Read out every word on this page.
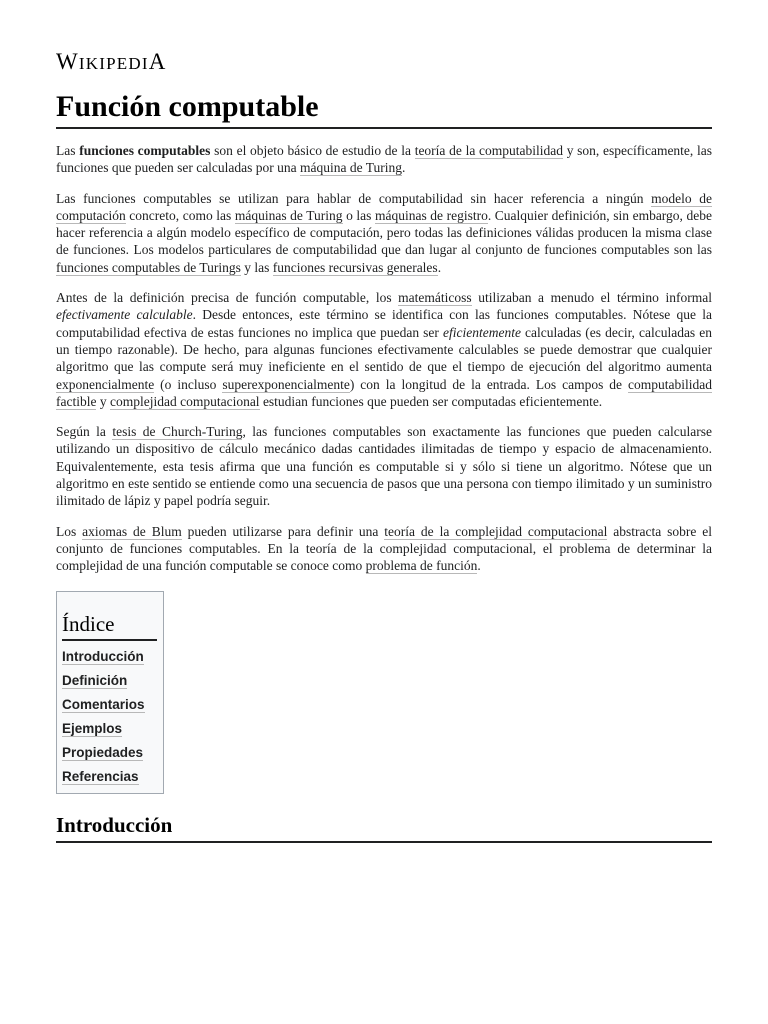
WIKIPEDIA
Función computable

Las funciones computables son el objeto básico de estudio de la teoría de la computabilidad y son, específicamente, las funciones que pueden ser calculadas por una máquina de Turing.

Las funciones computables se utilizan para hablar de computabilidad sin hacer referencia a ningún modelo de computación concreto, como las máquinas de Turing o las máquinas de registro. Cualquier definición, sin embargo, debe hacer referencia a algún modelo específico de computación, pero todas las definiciones válidas producen la misma clase de funciones. Los modelos particulares de computabilidad que dan lugar al conjunto de funciones computables son las funciones computables de Turings y las funciones recursivas generales.

Antes de la definición precisa de función computable, los matemáticoss utilizaban a menudo el término informal efectivamente calculable. Desde entonces, este término se identifica con las funciones computables. Nótese que la computabilidad efectiva de estas funciones no implica que puedan ser eficientemente calculadas (es decir, calculadas en un tiempo razonable). De hecho, para algunas funciones efectivamente calculables se puede demostrar que cualquier algoritmo que las compute será muy ineficiente en el sentido de que el tiempo de ejecución del algoritmo aumenta exponencialmente (o incluso superexponencialmente) con la longitud de la entrada. Los campos de computabilidad factible y complejidad computacional estudian funciones que pueden ser computadas eficientemente.

Según la tesis de Church-Turing, las funciones computables son exactamente las funciones que pueden calcularse utilizando un dispositivo de cálculo mecánico dadas cantidades ilimitadas de tiempo y espacio de almacenamiento. Equivalentemente, esta tesis afirma que una función es computable si y sólo si tiene un algoritmo. Nótese que un algoritmo en este sentido se entiende como una secuencia de pasos que una persona con tiempo ilimitado y un suministro ilimitado de lápiz y papel podría seguir.

Los axiomas de Blum pueden utilizarse para definir una teoría de la complejidad computacional abstracta sobre el conjunto de funciones computables. En la teoría de la complejidad computacional, el problema de determinar la complejidad de una función computable se conoce como problema de función.

Índice
Introducción
Definición
Comentarios
Ejemplos
Propiedades
Referencias
Introducción
